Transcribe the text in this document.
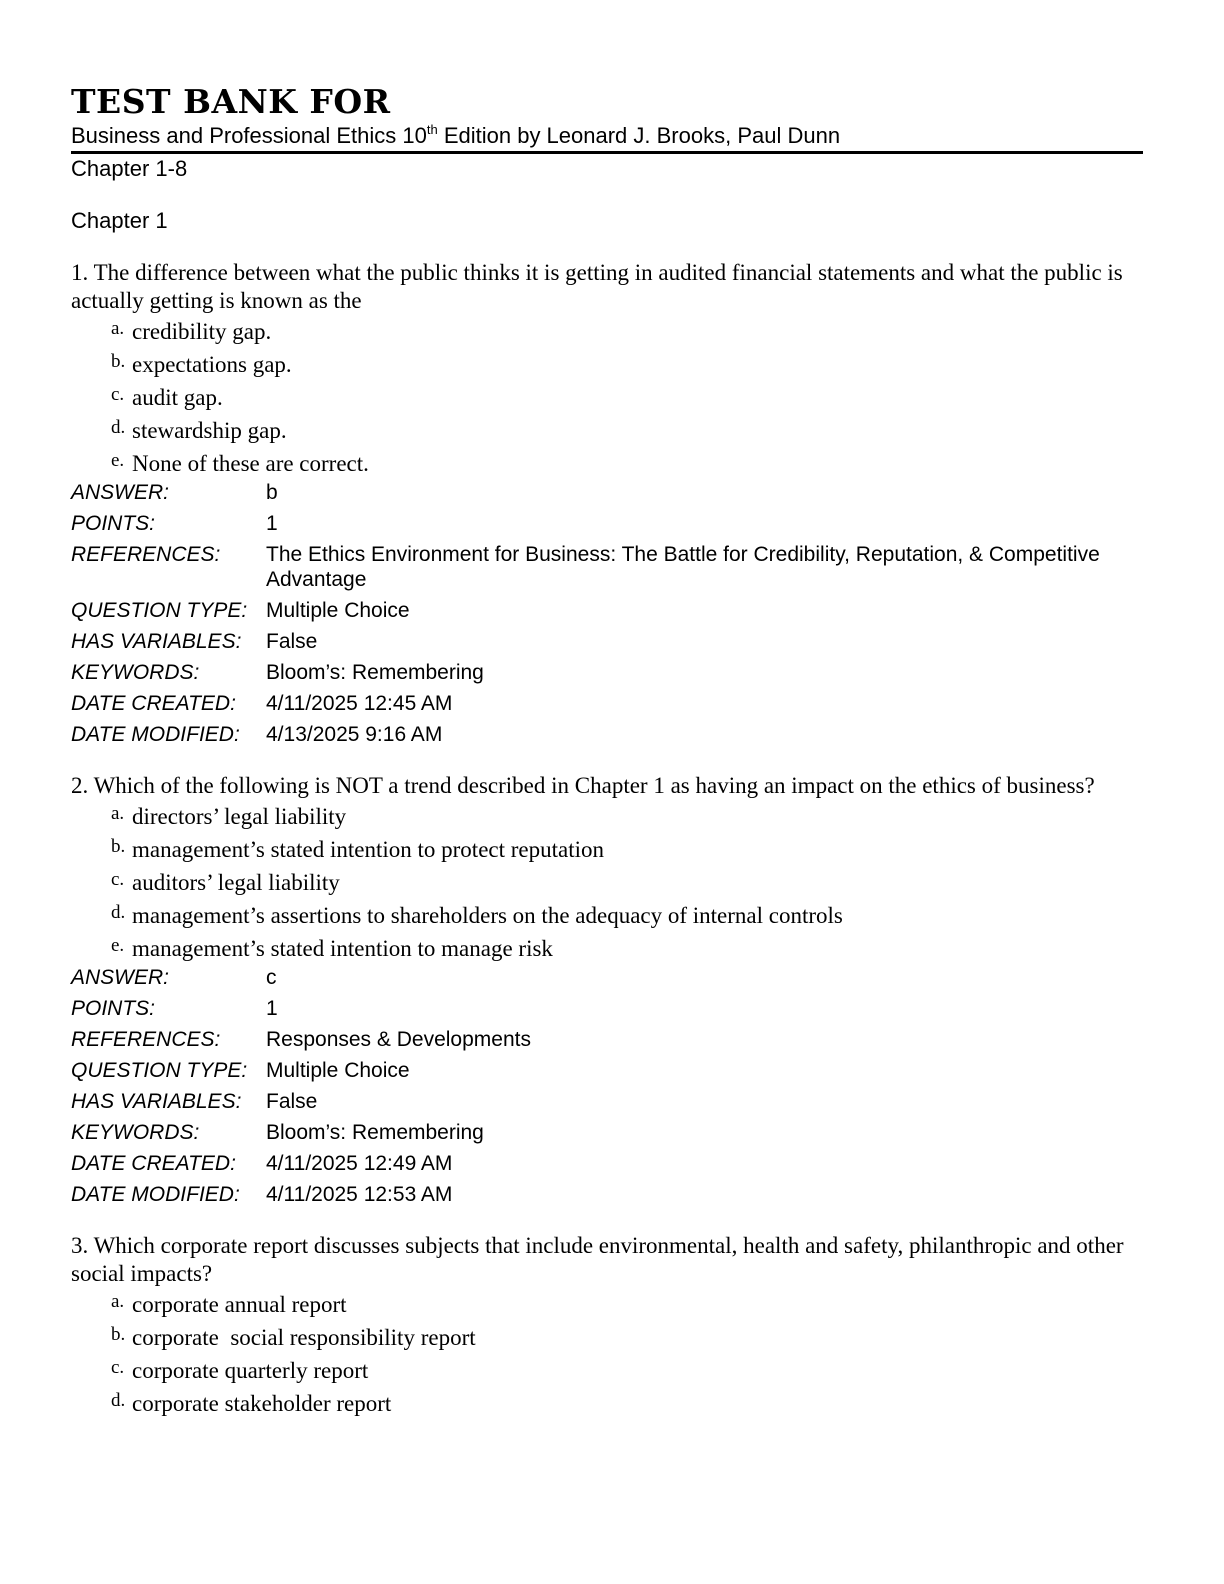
TEST BANK FOR

Business and Professional Ethics 10th Edition by Leonard J. Brooks, Paul Dunn

Chapter 1-8

Chapter 1

1. The difference between what the public thinks it is getting in audited financial statements and what the public is actually getting is known as the

a. credibility gap.
b. expectations gap.
c. audit gap.
d. stewardship gap.
e. None of these are correct.
ANSWER:	b
POINTS:	1
REFERENCES:	The Ethics Environment for Business: The Battle for Credibility, Reputation, & Competitive Advantage
QUESTION TYPE: Multiple Choice
HAS VARIABLES:	False
KEYWORDS:	Bloom’s: Remembering
DATE CREATED:	4/11/2025 12:45 AM
DATE MODIFIED:	4/13/2025 9:16 AM

2. Which of the following is NOT a trend described in Chapter 1 as having an impact on the ethics of business?

a. directors’ legal liability
b. management’s stated intention to protect reputation
c. auditors’ legal liability
d. management’s assertions to shareholders on the adequacy of internal controls
e. management’s stated intention to manage risk
ANSWER:	c
POINTS:	1
REFERENCES:	Responses & Developments
QUESTION TYPE: Multiple Choice
HAS VARIABLES:	False
KEYWORDS:	Bloom’s: Remembering
DATE CREATED:	4/11/2025 12:49 AM
DATE MODIFIED:	4/11/2025 12:53 AM

3. Which corporate report discusses subjects that include environmental, health and safety, philanthropic and other social impacts?

a. corporate annual report
b. corporate  social responsibility report
c. corporate quarterly report
d. corporate stakeholder report
